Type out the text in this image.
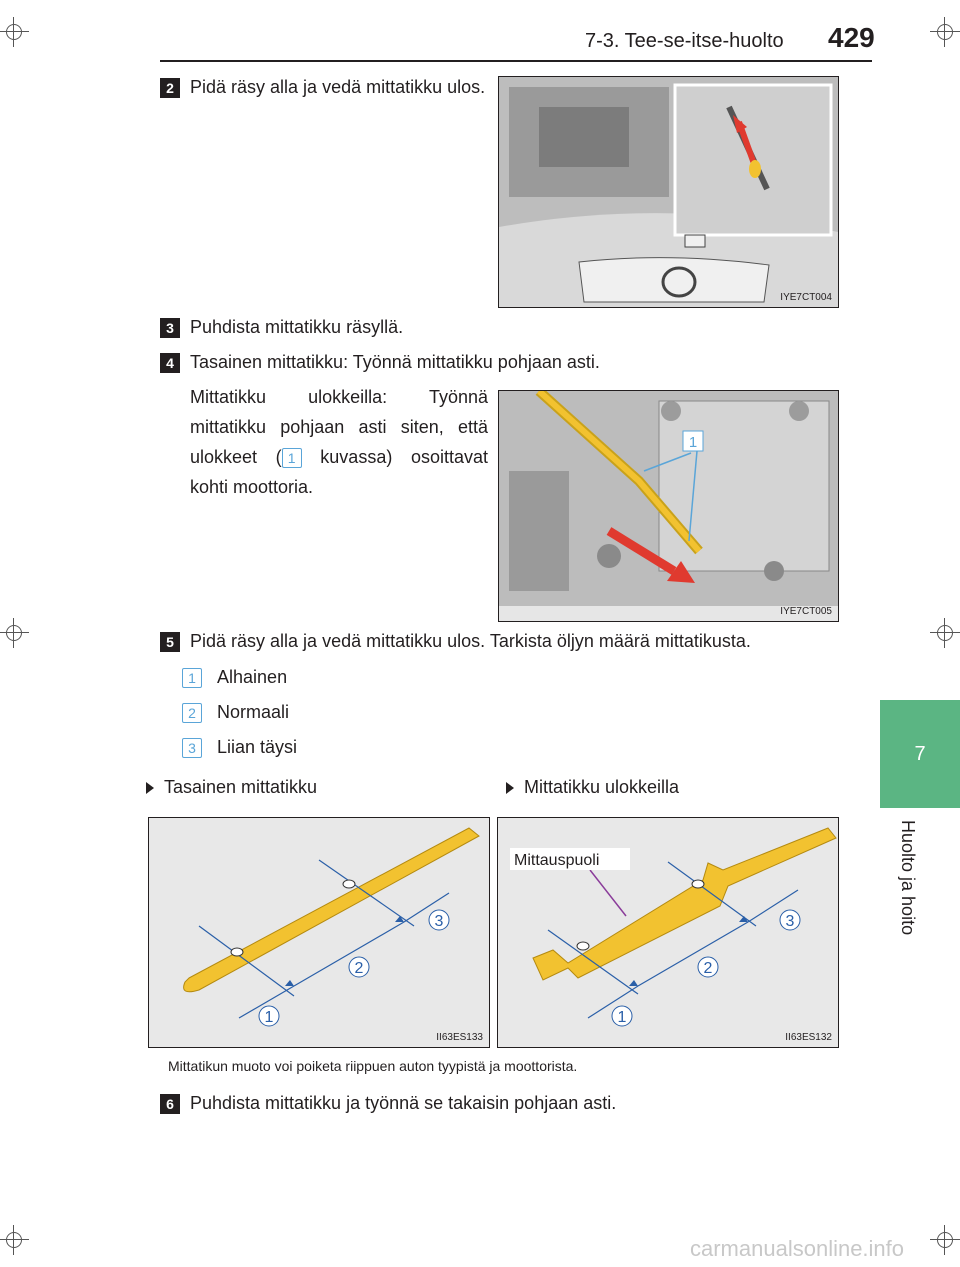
7-3. Tee-se-itse-huolto 429
7
Huolto ja hoito
2 Pidä räsy alla ja vedä mittatikku ulos.
IYE7CT004
3 Puhdista mittatikku räsyllä.
4 Tasainen mittatikku: Työnnä mittatikku pohjaan asti.
Mittatikku ulokkeilla: Työnnä mittatikku pohjaan asti siten, että ulokkeet ( 1 kuvassa) osoittavat kohti moottoria.
1
IYE7CT005
5 Pidä räsy alla ja vedä mittatikku ulos. Tarkista öljyn määrä mittatikusta.
1 Alhainen
2 Normaali
3 Liian täysi
Tasainen mittatikku	Mittatikku ulokkeilla
1
2
3
II63ES133
Mittauspuoli
1
2
3
II63ES132
Mittatikun muoto voi poiketa riippuen auton tyypistä ja moottorista.
6 Puhdista mittatikku ja työnnä se takaisin pohjaan asti.
carmanualsonline.info
